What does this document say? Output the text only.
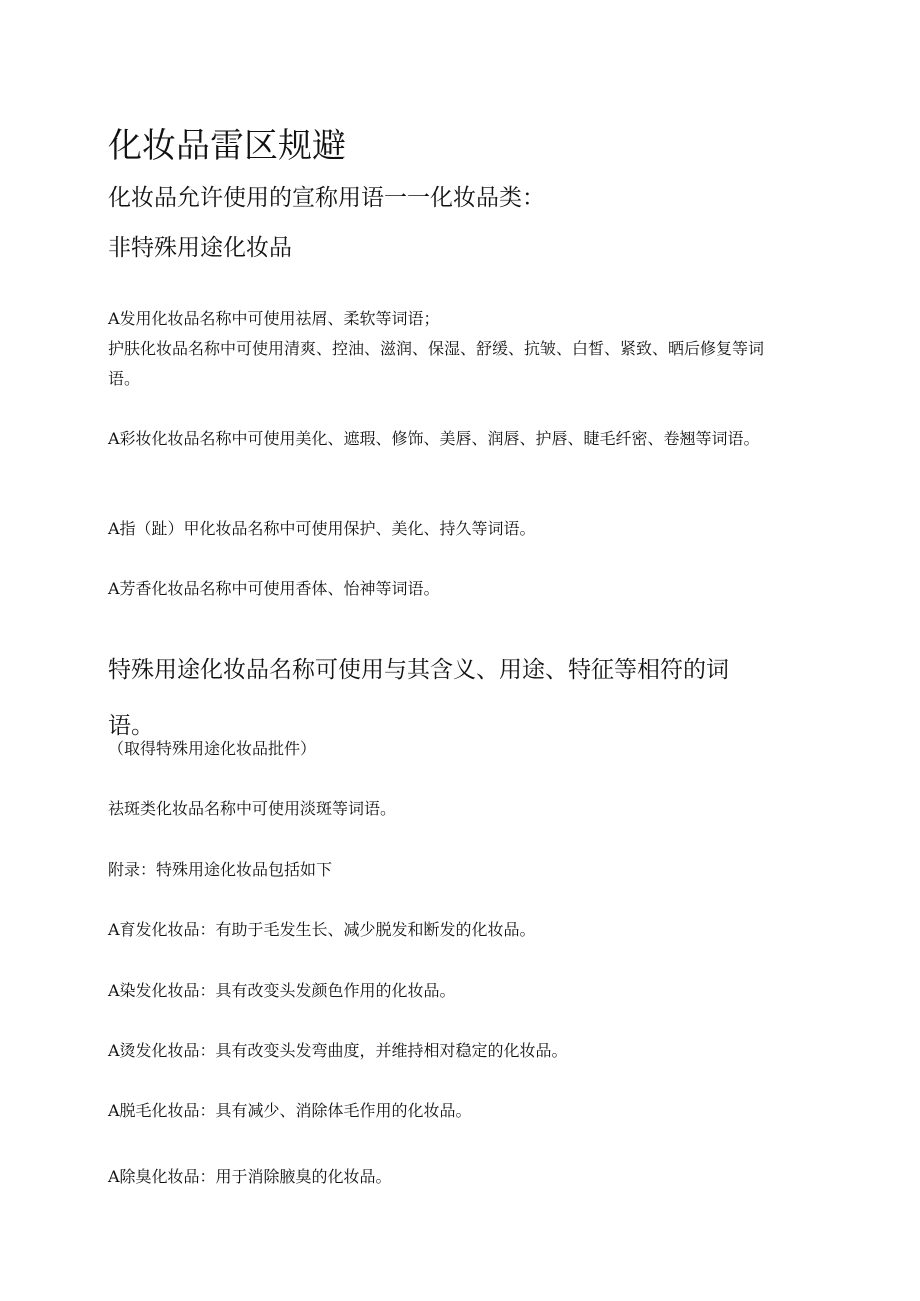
化妆品雷区规避
化妆品允许使用的宣称用语一一化妆品类：
非特殊用途化妆品
A发用化妆品名称中可使用祛屑、柔软等词语；
护肤化妆品名称中可使用清爽、控油、滋润、保湿、舒缓、抗皱、白皙、紧致、晒后修复等词语。
A彩妆化妆品名称中可使用美化、遮瑕、修饰、美唇、润唇、护唇、睫毛纤密、卷翘等词语。
A指（趾）甲化妆品名称中可使用保护、美化、持久等词语。
A芳香化妆品名称中可使用香体、怡神等词语。
特殊用途化妆品名称可使用与其含义、用途、特征等相符的词语。
（取得特殊用途化妆品批件）
祛斑类化妆品名称中可使用淡斑等词语。
附录：特殊用途化妆品包括如下
A育发化妆品：有助于毛发生长、减少脱发和断发的化妆品。
A染发化妆品：具有改变头发颜色作用的化妆品。
A烫发化妆品：具有改变头发弯曲度，并维持相对稳定的化妆品。
A脱毛化妆品：具有减少、消除体毛作用的化妆品。
A除臭化妆品：用于消除腋臭的化妆品。
